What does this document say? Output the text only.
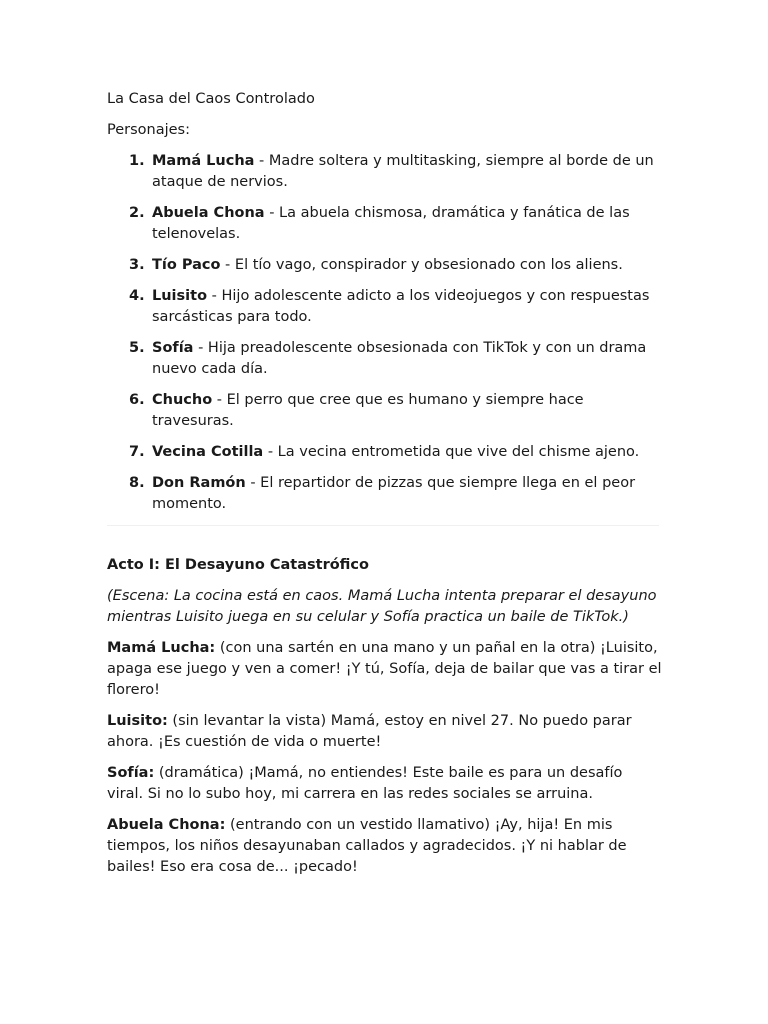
La Casa del Caos Controlado

Personajes:

Mamá Lucha - Madre soltera y multitasking, siempre al borde de un ataque de nervios.
Abuela Chona - La abuela chismosa, dramática y fanática de las telenovelas.
Tío Paco - El tío vago, conspirador y obsesionado con los aliens.
Luisito - Hijo adolescente adicto a los videojuegos y con respuestas sarcásticas para todo.
Sofía - Hija preadolescente obsesionada con TikTok y con un drama nuevo cada día.
Chucho - El perro que cree que es humano y siempre hace travesuras.
Vecina Cotilla - La vecina entrometida que vive del chisme ajeno.
Don Ramón - El repartidor de pizzas que siempre llega en el peor momento.

Acto I: El Desayuno Catastrófico

(Escena: La cocina está en caos. Mamá Lucha intenta preparar el desayuno mientras Luisito juega en su celular y Sofía practica un baile de TikTok.)

Mamá Lucha: (con una sartén en una mano y un pañal en la otra) ¡Luisito, apaga ese juego y ven a comer! ¡Y tú, Sofía, deja de bailar que vas a tirar el florero!

Luisito: (sin levantar la vista) Mamá, estoy en nivel 27. No puedo parar ahora. ¡Es cuestión de vida o muerte!

Sofía: (dramática) ¡Mamá, no entiendes! Este baile es para un desafío viral. Si no lo subo hoy, mi carrera en las redes sociales se arruina.

Abuela Chona: (entrando con un vestido llamativo) ¡Ay, hija! En mis tiempos, los niños desayunaban callados y agradecidos. ¡Y ni hablar de bailes! Eso era cosa de... ¡pecado!
